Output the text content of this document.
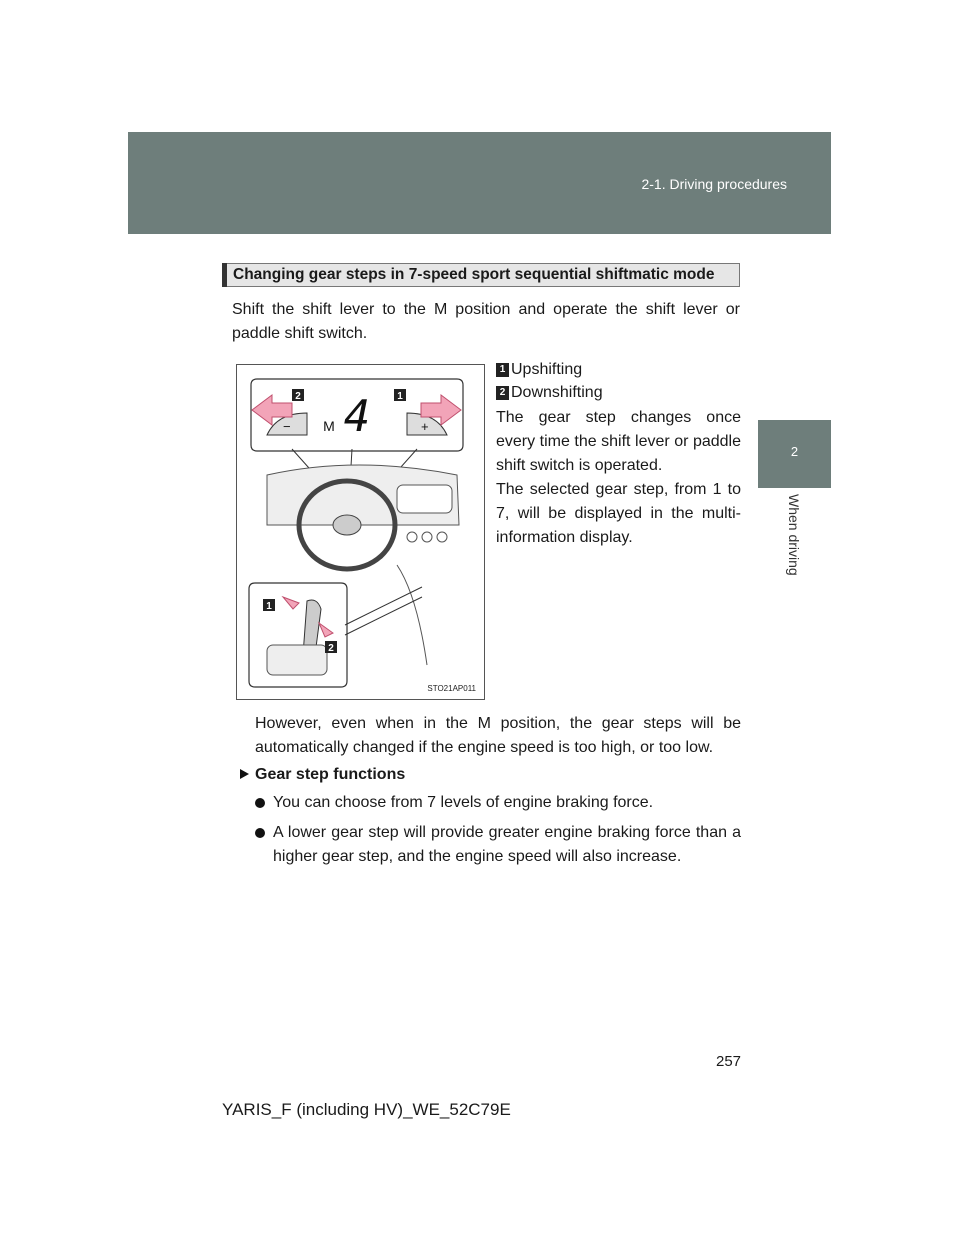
2-1. Driving procedures
2
When driving
Changing gear steps in 7-speed sport sequential shiftmatic mode
Shift the shift lever to the M position and operate the shift lever or paddle shift switch.
2	1
4
M
−	+
1
2
STO21AP011
1 Upshifting
2 Downshifting
The gear step changes once every time the shift lever or paddle shift switch is operated.
The selected gear step, from 1 to 7, will be displayed in the multi-information display.
However, even when in the M position, the gear steps will be automatically changed if the engine speed is too high, or too low.
Gear step functions
You can choose from 7 levels of engine braking force.
A lower gear step will provide greater engine braking force than a higher gear step, and the engine speed will also increase.
257
YARIS_F (including HV)_WE_52C79E
